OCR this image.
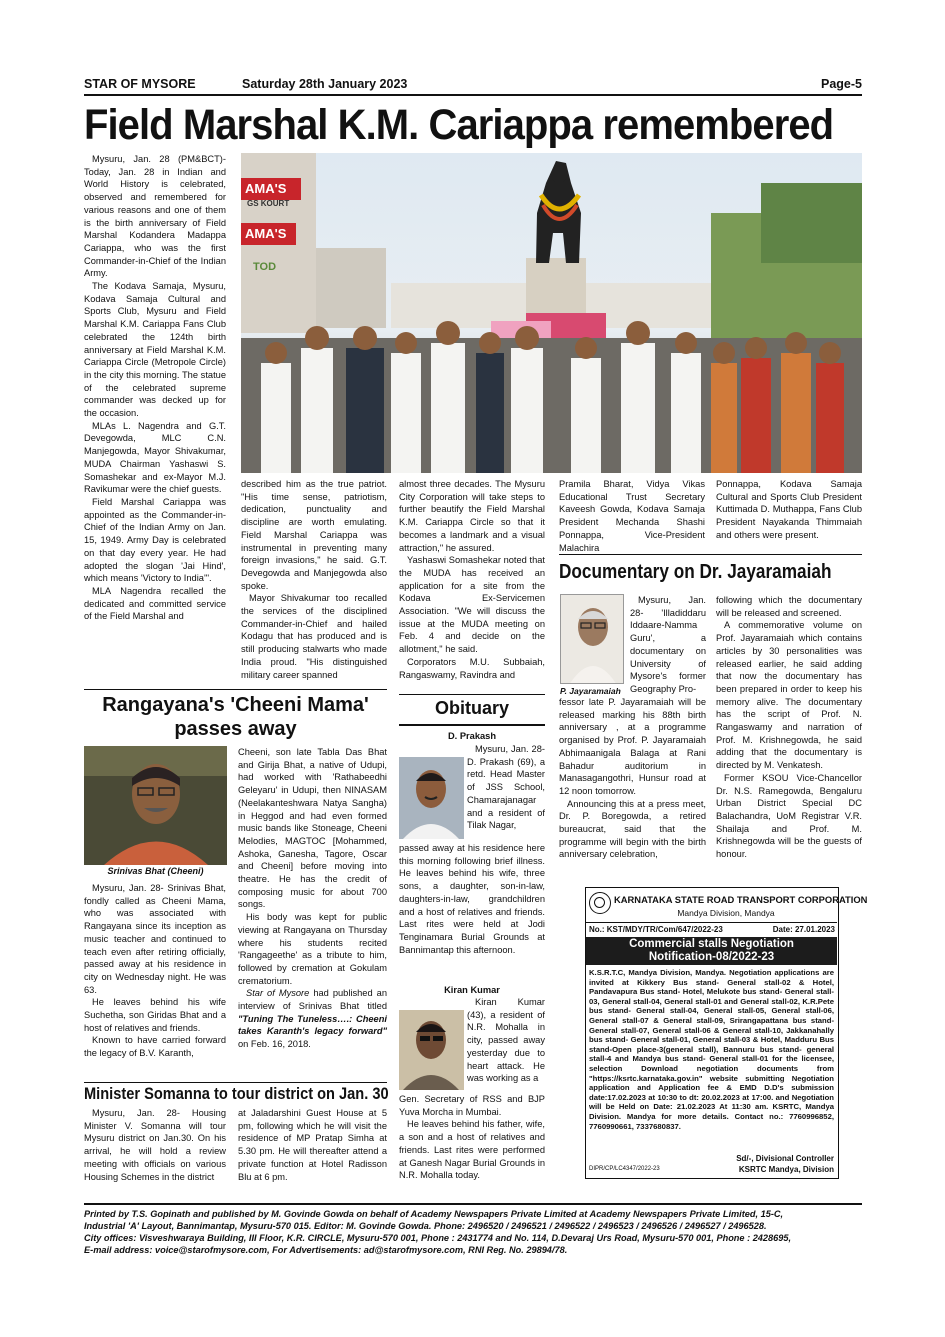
STAR OF MYSORE	Saturday 28th January 2023	Page-5
Field Marshal K.M. Cariappa remembered

Mysuru, Jan. 28 (PM&BCT)- Today, Jan. 28 in Indian and World History is celebrated, observed and remembered for various reasons and one of them is the birth anniversary of Field Marshal Kodandera Madappa Cariappa, who was the first Commander-in-Chief of the Indian Army.

The Kodava Samaja, Mysuru, Kodava Samaja Cultural and Sports Club, Mysuru and Field Marshal K.M. Cariappa Fans Club celebrated the 124th birth anniversary at Field Marshal K.M. Cariappa Circle (Metropole Circle) in the city this morning. The statue of the celebrated supreme commander was decked up for the occasion.

MLAs L. Nagendra and G.T. Devegowda, MLC C.N. Manjegowda, Mayor Shivakumar, MUDA Chairman Yashaswi S. Somashekar and ex-Mayor M.J. Ravikumar were the chief guests.

Field Marshal Cariappa was appointed as the Commander-in-Chief of the Indian Army on Jan. 15, 1949. Army Day is celebrated on that day every year. He had adopted the slogan 'Jai Hind', which means 'Victory to India'".

MLA Nagendra recalled the dedicated and committed service of the Field Marshal and

AMA'S
GS KOURT
AMA'S
TOD

described him as the true patriot. "His time sense, patriotism, dedication, punctuality and discipline are worth emulating. Field Marshal Cariappa was instrumental in preventing many foreign invasions," he said. G.T. Devegowda and Manjegowda also spoke.

Mayor Shivakumar too recalled the services of the disciplined Commander-in-Chief and hailed Kodagu that has produced and is still producing stalwarts who made India proud. "His distinguished military career spanned

almost three decades. The Mysuru City Corporation will take steps to further beautify the Field Marshal K.M. Cariappa Circle so that it becomes a landmark and a visual attraction," he assured.

Yashaswi Somashekar noted that the MUDA has received an application for a site from the Kodava Ex-Servicemen Association. "We will discuss the issue at the MUDA meeting on Feb. 4 and decide on the allotment," he said.

Corporators M.U. Subbaiah, Rangaswamy, Ravindra and

Pramila Bharat, Vidya Vikas Educational Trust Secretary Kaveesh Gowda, Kodava Samaja President Mechanda Shashi Ponnappa, Vice-President Malachira

Ponnappa, Kodava Samaja Cultural and Sports Club President Kuttimada D. Muthappa, Fans Club President Nayakanda Thimmaiah and others were present.

Documentary on Dr. Jayaramaiah
P. Jayaramaiah
Mysuru, Jan. 28- 'Illadiddaru Iddaare-Namma Guru', a documentary on University of Mysore's former Geography Pro-

fessor late P. Jayaramaiah will be released marking his 88th birth anniversary , at a programme organised by Prof. P. Jayaramaiah Abhimaanigala Balaga at Rani Bahadur auditorium in Manasagangothri, Hunsur road at 12 noon tomorrow.

Announcing this at a press meet, Dr. P. Boregowda, a retired bureaucrat, said that the programme will begin with the birth anniversary celebration,

following which the documentary will be released and screened.

A commemorative volume on Prof. Jayaramaiah which contains articles by 30 personalities was released earlier, he said adding that now the documentary has been prepared in order to keep his memory alive. The documentary has the script of Prof. N. Rangaswamy and narration of Prof. M. Krishnegowda, he said adding that the documentary is directed by M. Venkatesh.

Former KSOU Vice-Chancellor Dr. N.S. Ramegowda, Bengaluru Urban District Special DC Balachandra, UoM Registrar V.R. Shailaja and Prof. M. Krishnegowda will be the guests of honour.

Rangayana's 'Cheeni Mama'
passes away
Srinivas Bhat (Cheeni)

Mysuru, Jan. 28- Srinivas Bhat, fondly called as Cheeni Mama, who was associated with Rangayana since its inception as music teacher and continued to teach even after retiring officially, passed away at his residence in city on Wednesday night. He was 63.

He leaves behind his wife Suchetha, son Giridas Bhat and a host of relatives and friends.

Known to have carried forward the legacy of B.V. Karanth,

Cheeni, son late Tabla Das Bhat and Girija Bhat, a native of Udupi, had worked with 'Rathabeedhi Geleyaru' in Udupi, then NINASAM (Neelakanteshwara Natya Sangha) in Heggod and had even formed music bands like Stoneage, Cheeni Melodies, MAGTOC [Mohammed, Ashoka, Ganesha, Tagore, Oscar and Cheeni] before moving into theatre. He has the credit of composing music for about 700 songs.

His body was kept for public viewing at Rangayana on Thursday where his students recited 'Rangageethe' as a tribute to him, followed by cremation at Gokulam crematorium.

Star of Mysore had published an interview of Srinivas Bhat titled "Tuning The Tuneless….: Cheeni takes Karanth's legacy forward" on Feb. 16, 2018.

Obituary
D. Prakash
Mysuru, Jan. 28- D. Prakash (69), a retd. Head Master of JSS School, Chamarajanagar and a resident of Tilak Nagar,
passed away at his residence here this morning following brief illness. He leaves behind his wife, three sons, a daughter, son-in-law, daughters-in-law, grandchildren and a host of relatives and friends. Last rites were held at Jodi Tenginamara Burial Grounds at Bannimantap this afternoon.
Kiran Kumar
Kiran Kumar (43), a resident of N.R. Mohalla in city, passed away yesterday due to heart attack. He was working as a

Gen. Secretary of RSS and BJP Yuva Morcha in Mumbai.

He leaves behind his father, wife, a son and a host of relatives and friends. Last rites were performed at Ganesh Nagar Burial Grounds in N.R. Mohalla today.

Minister Somanna to tour district on Jan. 30
Mysuru, Jan. 28- Housing Minister V. Somanna will tour Mysuru district on Jan.30. On his arrival, he will hold a review meeting with officials on various Housing Schemes in the district
at Jaladarshini Guest House at 5 pm, following which he will visit the residence of MP Pratap Simha at 5.30 pm. He will thereafter attend a private function at Hotel Radisson Blu at 6 pm.
KARNATAKA STATE ROAD TRANSPORT CORPORATION
Mandya Division, Mandya
No.: KST/MDY/TR/Com/647/2022-23	Date: 27.01.2023
Commercial stalls Negotiation
Notification-08/2022-23
K.S.R.T.C, Mandya Division, Mandya. Negotiation applications are invited at Kikkery Bus stand- General stall-02 & Hotel, Pandavapura Bus stand- Hotel, Melukote bus stand- General stall-03, General stall-04, General stall-01 and General stall-02, K.R.Pete bus stand- General stall-04, General stall-05, General stall-06, General stall-07 & General stall-09, Srirangapattana bus stand- General stall-07, General stall-06 & General stall-10, Jakkanahally bus stand- General stall-01, General stall-03 & Hotel, Madduru Bus stand-Open place-3(general stall), Bannuru bus stand- general stall-4 and Mandya bus stand- General stall-01 for the licensee, selection Download negotiation documents from "https://ksrtc.karnataka.gov.in" website submitting Negotiation application and Application fee & EMD D.D's submission date:17.02.2023 at 10:30 to dt: 20.02.2023 at 17:00. and Negotiation will be Held on Date: 21.02.2023 At 11:30 am. KSRTC, Mandya Division. Mandya for more details. Contact no.: 7760996852, 7760990661, 7337680837.
DIPR/CP/LC4347/2022-23
Sd/-, Divisional Controller
KSRTC Mandya, Division
Printed by T.S. Gopinath and published by M. Govinde Gowda on behalf of Academy Newspapers Private Limited at Academy Newspapers Private Limited, 15-C,
Industrial 'A' Layout, Bannimantap, Mysuru-570 015. Editor: M. Govinde Gowda. Phone: 2496520 / 2496521 / 2496522 / 2496523 / 2496526 / 2496527 / 2496528.
City offices: Visveshwaraya Building, III Floor, K.R. CIRCLE, Mysuru-570 001, Phone : 2431774 and No. 114, D.Devaraj Urs Road, Mysuru-570 001, Phone : 2428695,
E-mail address: voice@starofmysore.com, For Advertisements: ad@starofmysore.com, RNI Reg. No. 29894/78.
